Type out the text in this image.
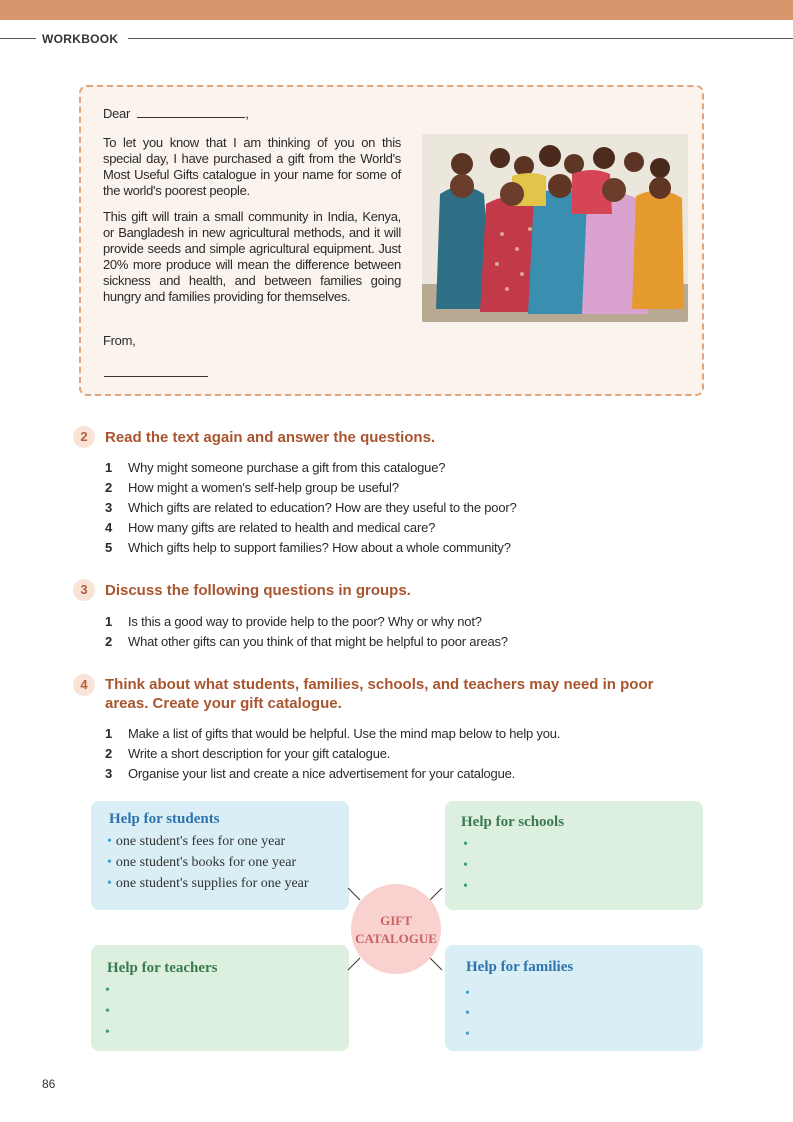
WORKBOOK

Dear	,

To let you know that I am thinking of you on this special day, I have purchased a gift from the World's Most Useful Gifts catalogue in your name for some of the world's poorest people.

This gift will train a small community in India, Kenya, or Bangladesh in new agricultural methods, and it will provide seeds and simple agricultural equipment. Just 20% more produce will mean the difference between sickness and health, and between families going hungry and families providing for themselves.

From,

2	Read the text again and answer the questions.
1 Why might someone purchase a gift from this catalogue?
2 How might a women's self-help group be useful?
3 Which gifts are related to education? How are they useful to the poor?
4 How many gifts are related to health and medical care?
5 Which gifts help to support families? How about a whole community?
3	Discuss the following questions in groups.
1 Is this a good way to provide help to the poor? Why or why not?
2 What other gifts can you think of that might be helpful to poor areas?
4	Think about what students, families, schools, and teachers may need in poor
areas. Create your gift catalogue.
1 Make a list of gifts that would be helpful. Use the mind map below to help you.
2 Write a short description for your gift catalogue.
3 Organise your list and create a nice advertisement for your catalogue.
GIFT
CATALOGUE
Help for students
• one student's fees for one year
• one student's books for one year
• one student's supplies for one year
Help for schools
•
•
•
Help for teachers
•
•
•
Help for families
•
•
•
86
